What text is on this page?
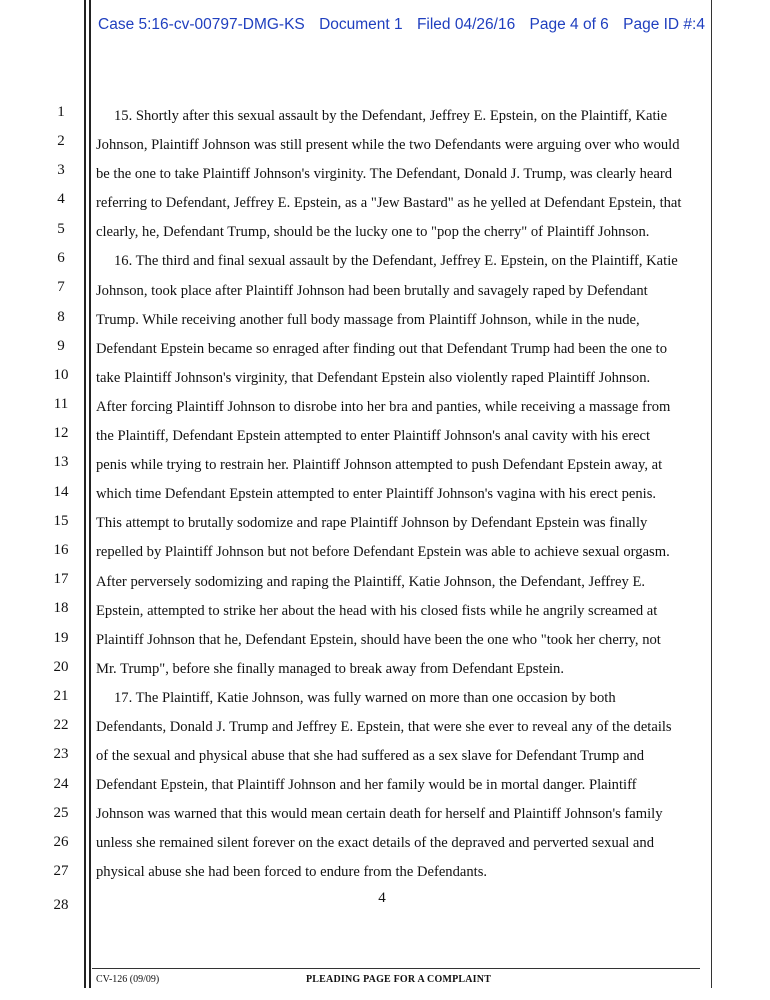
Case 5:16-cv-00797-DMG-KS Document 1 Filed 04/26/16 Page 4 of 6 Page ID #:4
1
2
3
4
5
6
7
8
9
10
11
12
13
14
15
16
17
18
19
20
21
22
23
24
25
26
27
28
15. Shortly after this sexual assault by the Defendant, Jeffrey E. Epstein, on the Plaintiff, Katie
Johnson, Plaintiff Johnson was still present while the two Defendants were arguing over who would
be the one to take Plaintiff Johnson's virginity. The Defendant, Donald J. Trump, was clearly heard
referring to Defendant, Jeffrey E. Epstein, as a "Jew Bastard" as he yelled at Defendant Epstein, that
clearly, he, Defendant Trump, should be the lucky one to "pop the cherry" of Plaintiff Johnson.
16. The third and final sexual assault by the Defendant, Jeffrey E. Epstein, on the Plaintiff, Katie
Johnson, took place after Plaintiff Johnson had been brutally and savagely raped by Defendant
Trump. While receiving another full body massage from Plaintiff Johnson, while in the nude,
Defendant Epstein became so enraged after finding out that Defendant Trump had been the one to
take Plaintiff Johnson's virginity, that Defendant Epstein also violently raped Plaintiff Johnson.
After forcing Plaintiff Johnson to disrobe into her bra and panties, while receiving a massage from
the Plaintiff, Defendant Epstein attempted to enter Plaintiff Johnson's anal cavity with his erect
penis while trying to restrain her. Plaintiff Johnson attempted to push Defendant Epstein away, at
which time Defendant Epstein attempted to enter Plaintiff Johnson's vagina with his erect penis.
This attempt to brutally sodomize and rape Plaintiff Johnson by Defendant Epstein was finally
repelled by Plaintiff Johnson but not before Defendant Epstein was able to achieve sexual orgasm.
After perversely sodomizing and raping the Plaintiff, Katie Johnson, the Defendant, Jeffrey E.
Epstein, attempted to strike her about the head with his closed fists while he angrily screamed at
Plaintiff Johnson that he, Defendant Epstein, should have been the one who "took her cherry, not
Mr. Trump", before she finally managed to break away from Defendant Epstein.
17. The Plaintiff, Katie Johnson, was fully warned on more than one occasion by both
Defendants, Donald J. Trump and Jeffrey E. Epstein, that were she ever to reveal any of the details
of the sexual and physical abuse that she had suffered as a sex slave for Defendant Trump and
Defendant Epstein, that Plaintiff Johnson and her family would be in mortal danger. Plaintiff
Johnson was warned that this would mean certain death for herself and Plaintiff Johnson's family
unless she remained silent forever on the exact details of the depraved and perverted sexual and
physical abuse she had been forced to endure from the Defendants.
4
CV-126 (09/09)	PLEADING PAGE FOR A COMPLAINT
